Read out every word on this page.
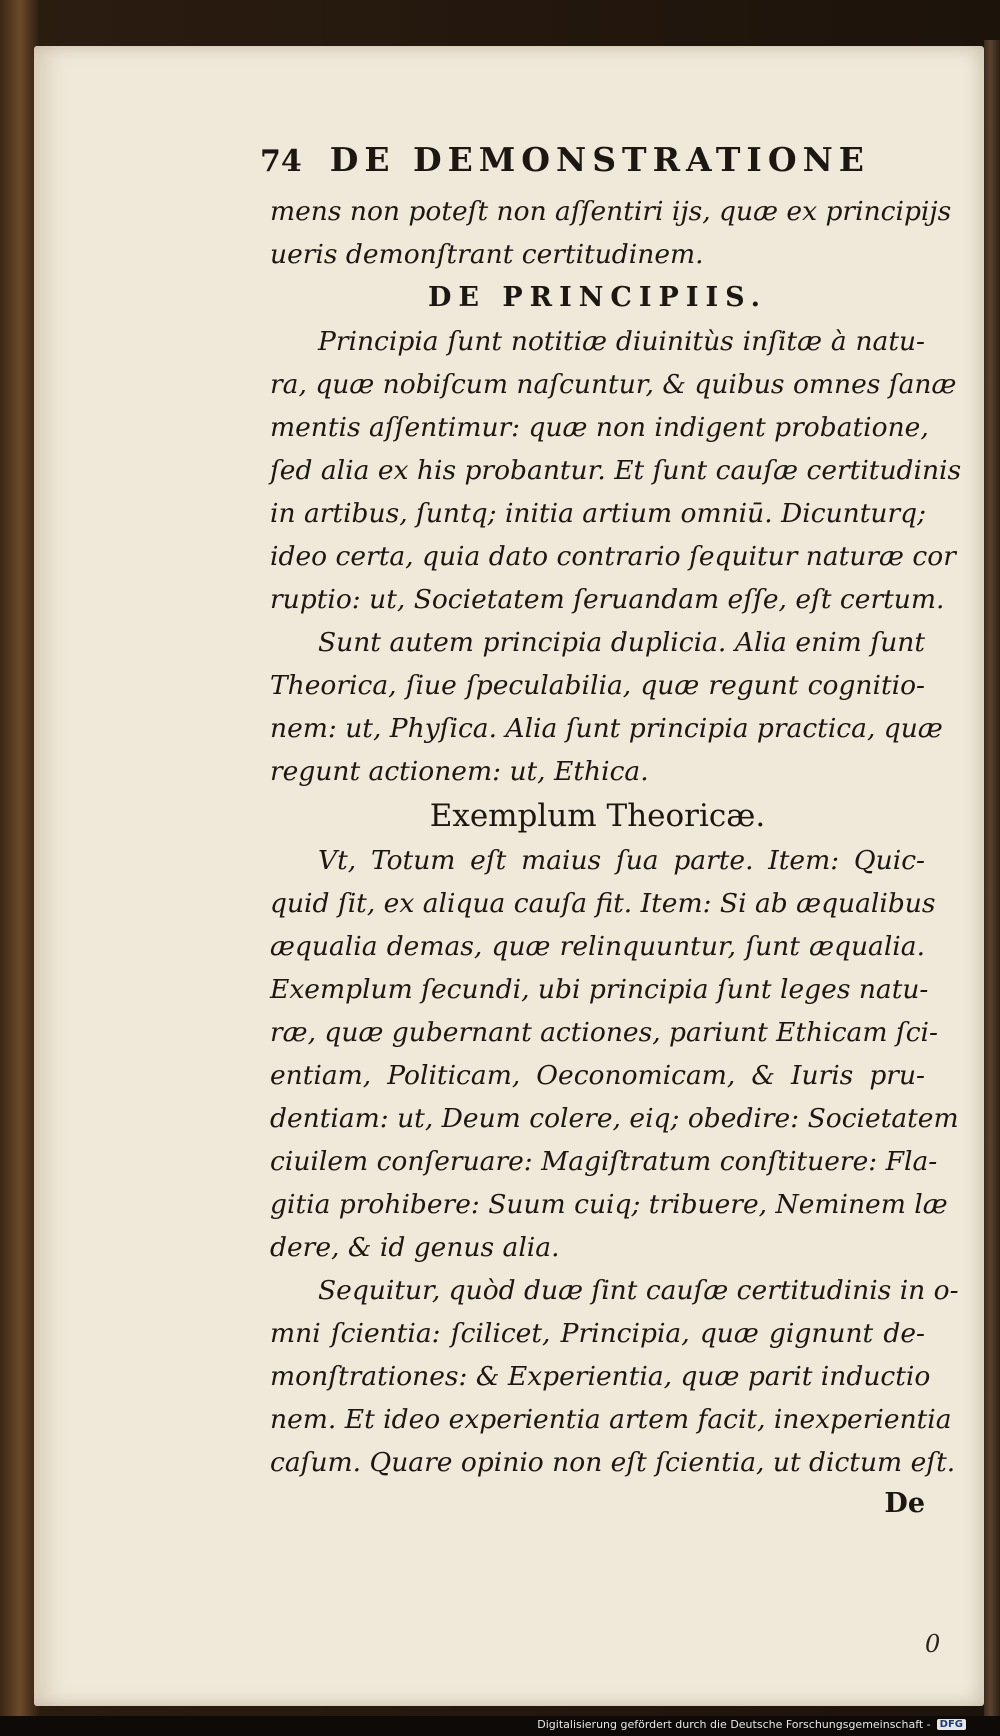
74 DE DEMONSTRATIONE
mens non poteſt non aſſentiri ijs, quæ ex principijs
ueris demonſtrant certitudinem.
DE PRINCIPIIS.
Principia ſunt notitiæ diuinitùs inſitæ à natu-
ra, quæ nobiſcum naſcuntur, & quibus omnes ſanæ
mentis aſſentimur: quæ non indigent probatione,
ſed alia ex his probantur. Et ſunt cauſæ certitudinis
in artibus, ſuntq; initia artium omniū. Dicunturq;
ideo certa, quia dato contrario ſequitur naturæ cor
ruptio: ut, Societatem ſeruandam eſſe, eſt certum.
Sunt autem principia duplicia. Alia enim ſunt
Theorica, ſiue ſpeculabilia, quæ regunt cognitio-
nem: ut, Phyſica. Alia ſunt principia practica, quæ
regunt actionem: ut, Ethica.
Exemplum Theoricæ.
Vt, Totum eſt maius ſua parte. Item: Quic-
quid ſit, ex aliqua cauſa fit. Item: Si ab æqualibus
æqualia demas, quæ relinquuntur, ſunt æqualia.
Exemplum ſecundi, ubi principia ſunt leges natu-
ræ, quæ gubernant actiones, pariunt Ethicam ſci-
entiam, Politicam, Oeconomicam, & Iuris pru-
dentiam: ut, Deum colere, eiq; obedire: Societatem
ciuilem conſeruare: Magiſtratum conſtituere: Fla-
gitia prohibere: Suum cuiq; tribuere, Neminem læ
dere, & id genus alia.
Sequitur, quòd duæ ſint cauſæ certitudinis in o-
mni ſcientia: ſcilicet, Principia, quæ gignunt de-
monſtrationes: & Experientia, quæ parit inductio
nem. Et ideo experientia artem facit, inexperientia
caſum. Quare opinio non eſt ſcientia, ut dictum eſt.
De
0
Digitalisierung gefördert durch die Deutsche Forschungsgemeinschaft - DFG
